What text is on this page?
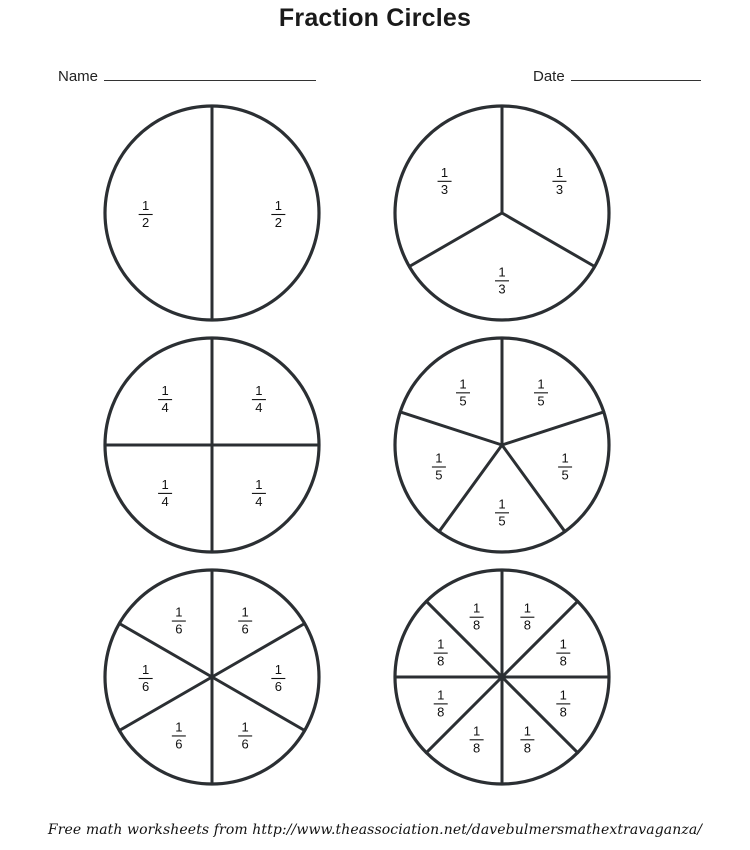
Fraction Circles
Name	Date
1
2
1
2
1
3
1
3
1
3
1
4
1
4
1
4
1
4
1
5
1
5
1
5
1
5
1
5
1
6
1
6
1
6
1
6
1
6
1
6
1
8
1
8
1
8
1
8
1
8
1
8
1
8
1
8
Free math worksheets from http://www.theassociation.net/davebulmersmathextravaganza/
